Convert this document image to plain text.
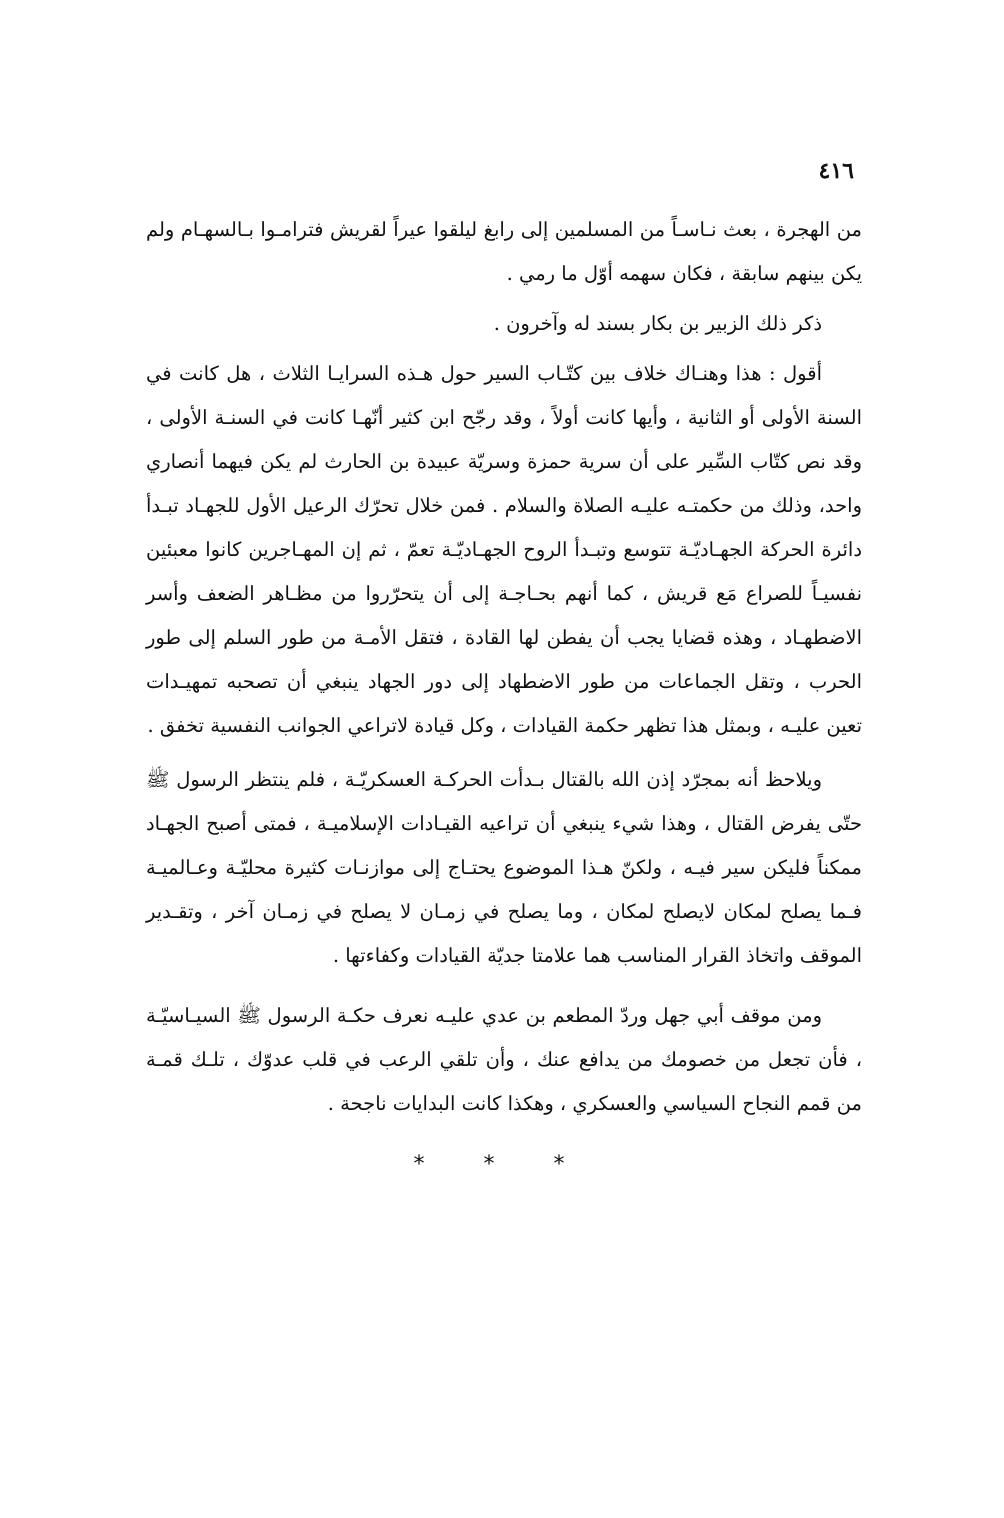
٤١٦

من الهجرة ، بعث نـاسـاً من المسلمين إلى رابغ ليلقوا عيراً لقريش فترامـوا بـالسهـام ولم يكن بينهم سابقة ، فكان سهمه أوّل ما رمي .

ذكر ذلك الزبير بن بكار بسند له وآخرون .

أقول : هذا وهنـاك خلاف بين كتّـاب السير حول هـذه السرايـا الثلاث ، هل كانت في السنة الأولى أو الثانية ، وأيها كانت أولاً ، وقد رجّح ابن كثير أنّهـا كانت في السنـة الأولى ، وقد نص كتّاب السِّير على أن سرية حمزة وسريّة عبيدة بن الحارث لم يكن فيهما أنصاري واحد، وذلك من حكمتـه عليـه الصلاة والسلام . فمن خلال تحرّك الرعيل الأول للجهـاد تبـدأ دائرة الحركة الجهـاديّـة تتوسع وتبـدأ الروح الجهـاديّـة تعمّ ، ثم إن المهـاجرين كانوا معبئين نفسيـاً للصراع مَع قريش ، كما أنهم بحـاجـة إلى أن يتحرّروا من مظـاهر الضعف وأسر الاضطهـاد ، وهذه قضايا يجب أن يفطن لها القادة ، فتقل الأمـة من طور السلم إلى طور الحرب ، وتقل الجماعات من طور الاضطهاد إلى دور الجهاد ينبغي أن تصحبه تمهيـدات تعين عليـه ، وبمثل هذا تظهر حكمة القيادات ، وكل قيادة لاتراعي الجوانب النفسية تخفق .

ويلاحظ أنه بمجرّد إذن الله بالقتال بـدأت الحركـة العسكريّـة ، فلم ينتظر الرسول ﷺ حتّى يفرض القتال ، وهذا شيء ينبغي أن تراعيه القيـادات الإسلاميـة ، فمتى أصبح الجهـاد ممكناً فليكن سير فيـه ، ولكنّ هـذا الموضوع يحتـاج إلى موازنـات كثيرة محليّـة وعـالميـة فـما يصلح لمكان لايصلح لمكان ، وما يصلح في زمـان لا يصلح في زمـان آخر ، وتقـدير الموقف واتخاذ القرار المناسب هما علامتا جديّة القيادات وكفاءتها .

ومن موقف أبي جهل وردّ المطعم بن عدي عليـه نعرف حكـة الرسول ﷺ السيـاسيّـة ، فأن تجعل من خصومك من يدافع عنك ، وأن تلقي الرعب في قلب عدوّك ، تلـك قمـة من قمم النجاح السياسي والعسكري ، وهكذا كانت البدايات ناجحة .

* * *
